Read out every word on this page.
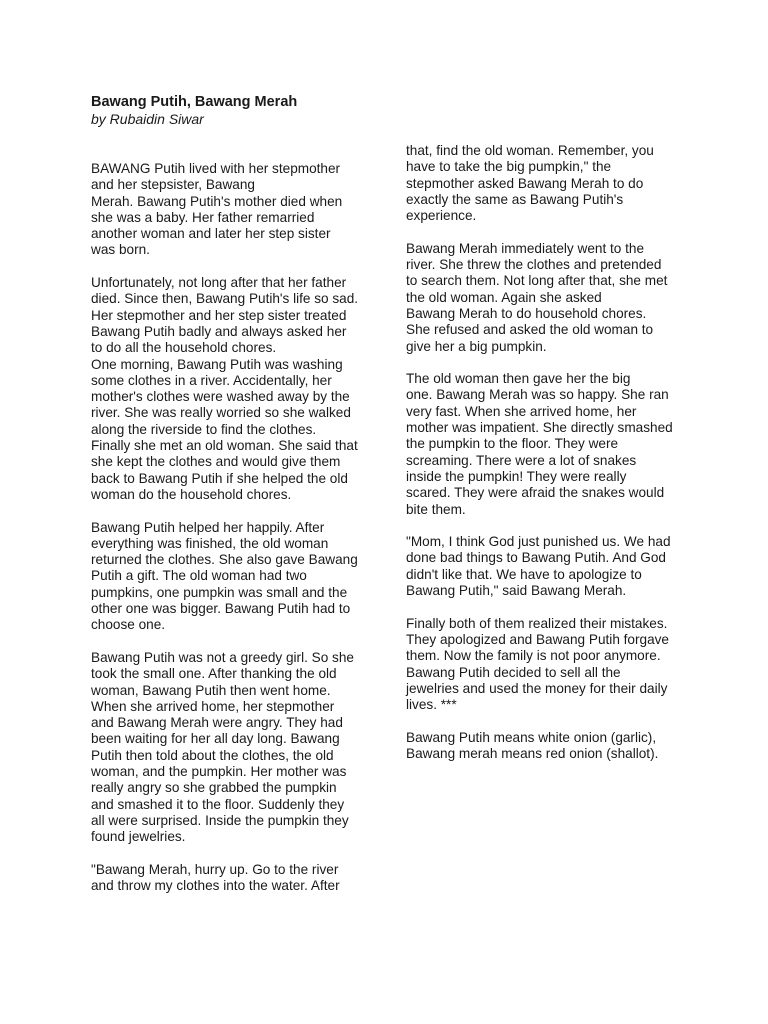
Bawang Putih, Bawang Merah
by Rubaidin Siwar
BAWANG Putih lived with her stepmother
and her stepsister, Bawang
Merah. Bawang Putih's mother died when
she was a baby. Her father remarried
another woman and later her step sister
was born.
Unfortunately, not long after that her father
died. Since then, Bawang Putih's life so sad.
Her stepmother and her step sister treated
Bawang Putih badly and always asked her
to do all the household chores.
One morning, Bawang Putih was washing
some clothes in a river. Accidentally, her
mother's clothes were washed away by the
river. She was really worried so she walked
along the riverside to find the clothes.
Finally she met an old woman. She said that
she kept the clothes and would give them
back to Bawang Putih if she helped the old
woman do the household chores.
Bawang Putih helped her happily. After
everything was finished, the old woman
returned the clothes. She also gave Bawang
Putih a gift. The old woman had two
pumpkins, one pumpkin was small and the
other one was bigger. Bawang Putih had to
choose one.
Bawang Putih was not a greedy girl. So she
took the small one. After thanking the old
woman, Bawang Putih then went home.
When she arrived home, her stepmother
and Bawang Merah were angry. They had
been waiting for her all day long. Bawang
Putih then told about the clothes, the old
woman, and the pumpkin. Her mother was
really angry so she grabbed the pumpkin
and smashed it to the floor. Suddenly they
all were surprised. Inside the pumpkin they
found jewelries.
"Bawang Merah, hurry up. Go to the river
and throw my clothes into the water. After
that, find the old woman. Remember, you
have to take the big pumpkin," the
stepmother asked Bawang Merah to do
exactly the same as Bawang Putih's
experience.
Bawang Merah immediately went to the
river. She threw the clothes and pretended
to search them. Not long after that, she met
the old woman. Again she asked
Bawang Merah to do household chores.
She refused and asked the old woman to
give her a big pumpkin.
The old woman then gave her the big
one. Bawang Merah was so happy. She ran
very fast. When she arrived home, her
mother was impatient. She directly smashed
the pumpkin to the floor. They were
screaming. There were a lot of snakes
inside the pumpkin! They were really
scared. They were afraid the snakes would
bite them.
"Mom, I think God just punished us. We had
done bad things to Bawang Putih. And God
didn't like that. We have to apologize to
Bawang Putih," said Bawang Merah.
Finally both of them realized their mistakes.
They apologized and Bawang Putih forgave
them. Now the family is not poor anymore.
Bawang Putih decided to sell all the
jewelries and used the money for their daily
lives. ***
Bawang Putih means white onion (garlic),
Bawang merah means red onion (shallot).
